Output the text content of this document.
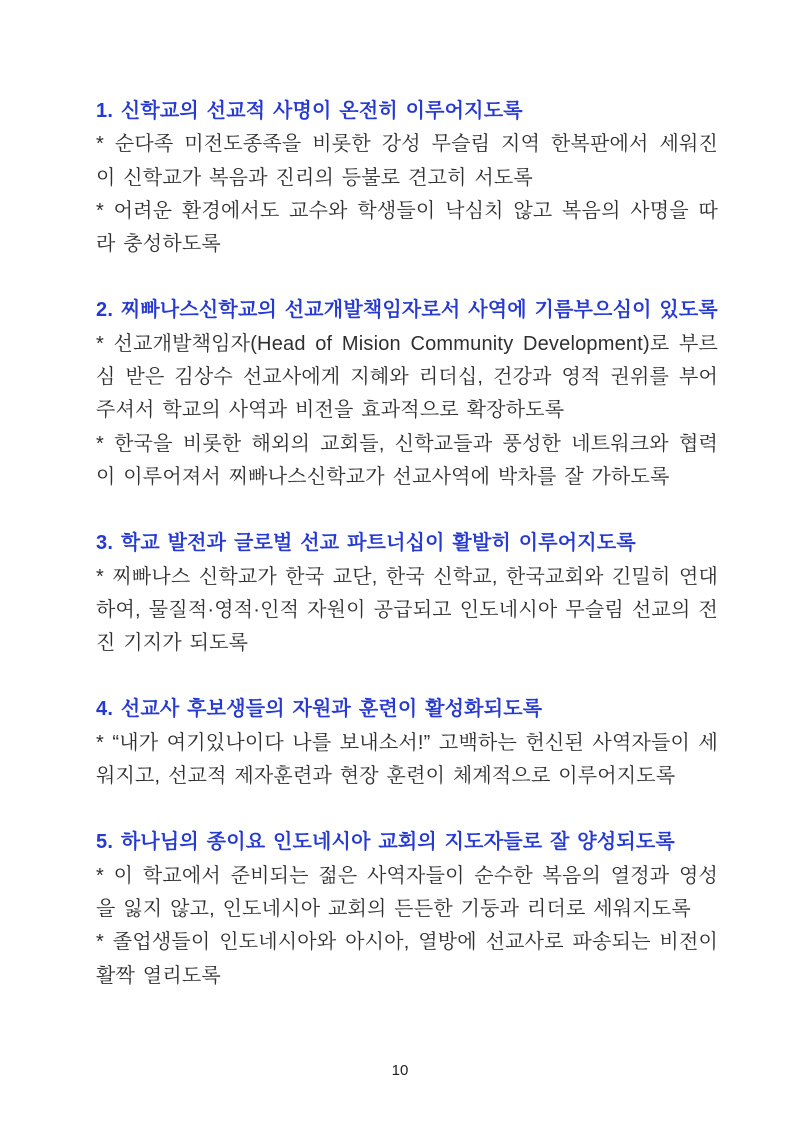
1. 신학교의 선교적 사명이 온전히 이루어지도록

* 순다족 미전도종족을 비롯한 강성 무슬림 지역 한복판에서 세워진 이 신학교가 복음과 진리의 등불로 견고히 서도록

* 어려운 환경에서도 교수와 학생들이 낙심치 않고 복음의 사명을 따라 충성하도록

2. 찌빠나스신학교의 선교개발책임자로서 사역에 기름부으심이 있도록

* 선교개발책임자(Head of Mision Community Development)로 부르심 받은 김상수 선교사에게 지혜와 리더십, 건강과 영적 권위를 부어주셔서 학교의 사역과 비전을 효과적으로 확장하도록

* 한국을 비롯한 해외의 교회들, 신학교들과 풍성한 네트워크와 협력이 이루어져서 찌빠나스신학교가 선교사역에 박차를 잘 가하도록

3. 학교 발전과 글로벌 선교 파트너십이 활발히 이루어지도록

* 찌빠나스 신학교가 한국 교단, 한국 신학교, 한국교회와 긴밀히 연대하여, 물질적·영적·인적 자원이 공급되고 인도네시아 무슬림 선교의 전진 기지가 되도록

4. 선교사 후보생들의 자원과 훈련이 활성화되도록

* “내가 여기있나이다 나를 보내소서!” 고백하는 헌신된 사역자들이 세워지고, 선교적 제자훈련과 현장 훈련이 체계적으로 이루어지도록

5. 하나님의 종이요 인도네시아 교회의 지도자들로 잘 양성되도록

* 이 학교에서 준비되는 젊은 사역자들이 순수한 복음의 열정과 영성을 잃지 않고, 인도네시아 교회의 든든한 기둥과 리더로 세워지도록

* 졸업생들이 인도네시아와 아시아, 열방에 선교사로 파송되는 비전이 활짝 열리도록

10
